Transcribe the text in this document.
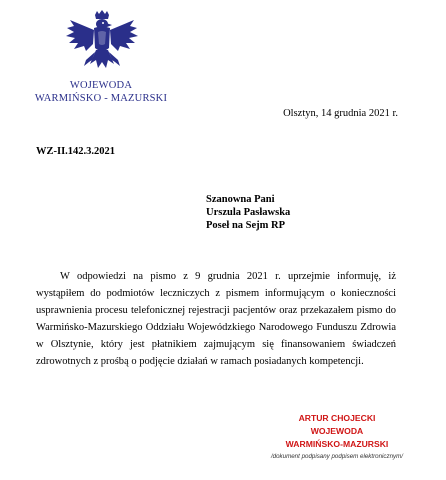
WOJEWODA
WARMIŃSKO - MAZURSKI
Olsztyn, 14 grudnia 2021 r.
WZ-II.142.3.2021
Szanowna Pani
Urszula Pasławska
Poseł na Sejm RP

W odpowiedzi na pismo z 9 grudnia 2021 r. uprzejmie informuję, iż wystąpiłem do podmiotów leczniczych z pismem informującym o konieczności usprawnienia procesu telefonicznej rejestracji pacjentów oraz przekazałem pismo do Warmińsko-Mazurskiego Oddziału Wojewódzkiego Narodowego Funduszu Zdrowia w Olsztynie, który jest płatnikiem zajmującym się finansowaniem świadczeń zdrowotnych z prośbą o podjęcie działań w ramach posiadanych kompetencji.

ARTUR CHOJECKI
WOJEWODA
WARMIŃSKO-MAZURSKI
/dokument podpisany podpisem elektronicznym/
